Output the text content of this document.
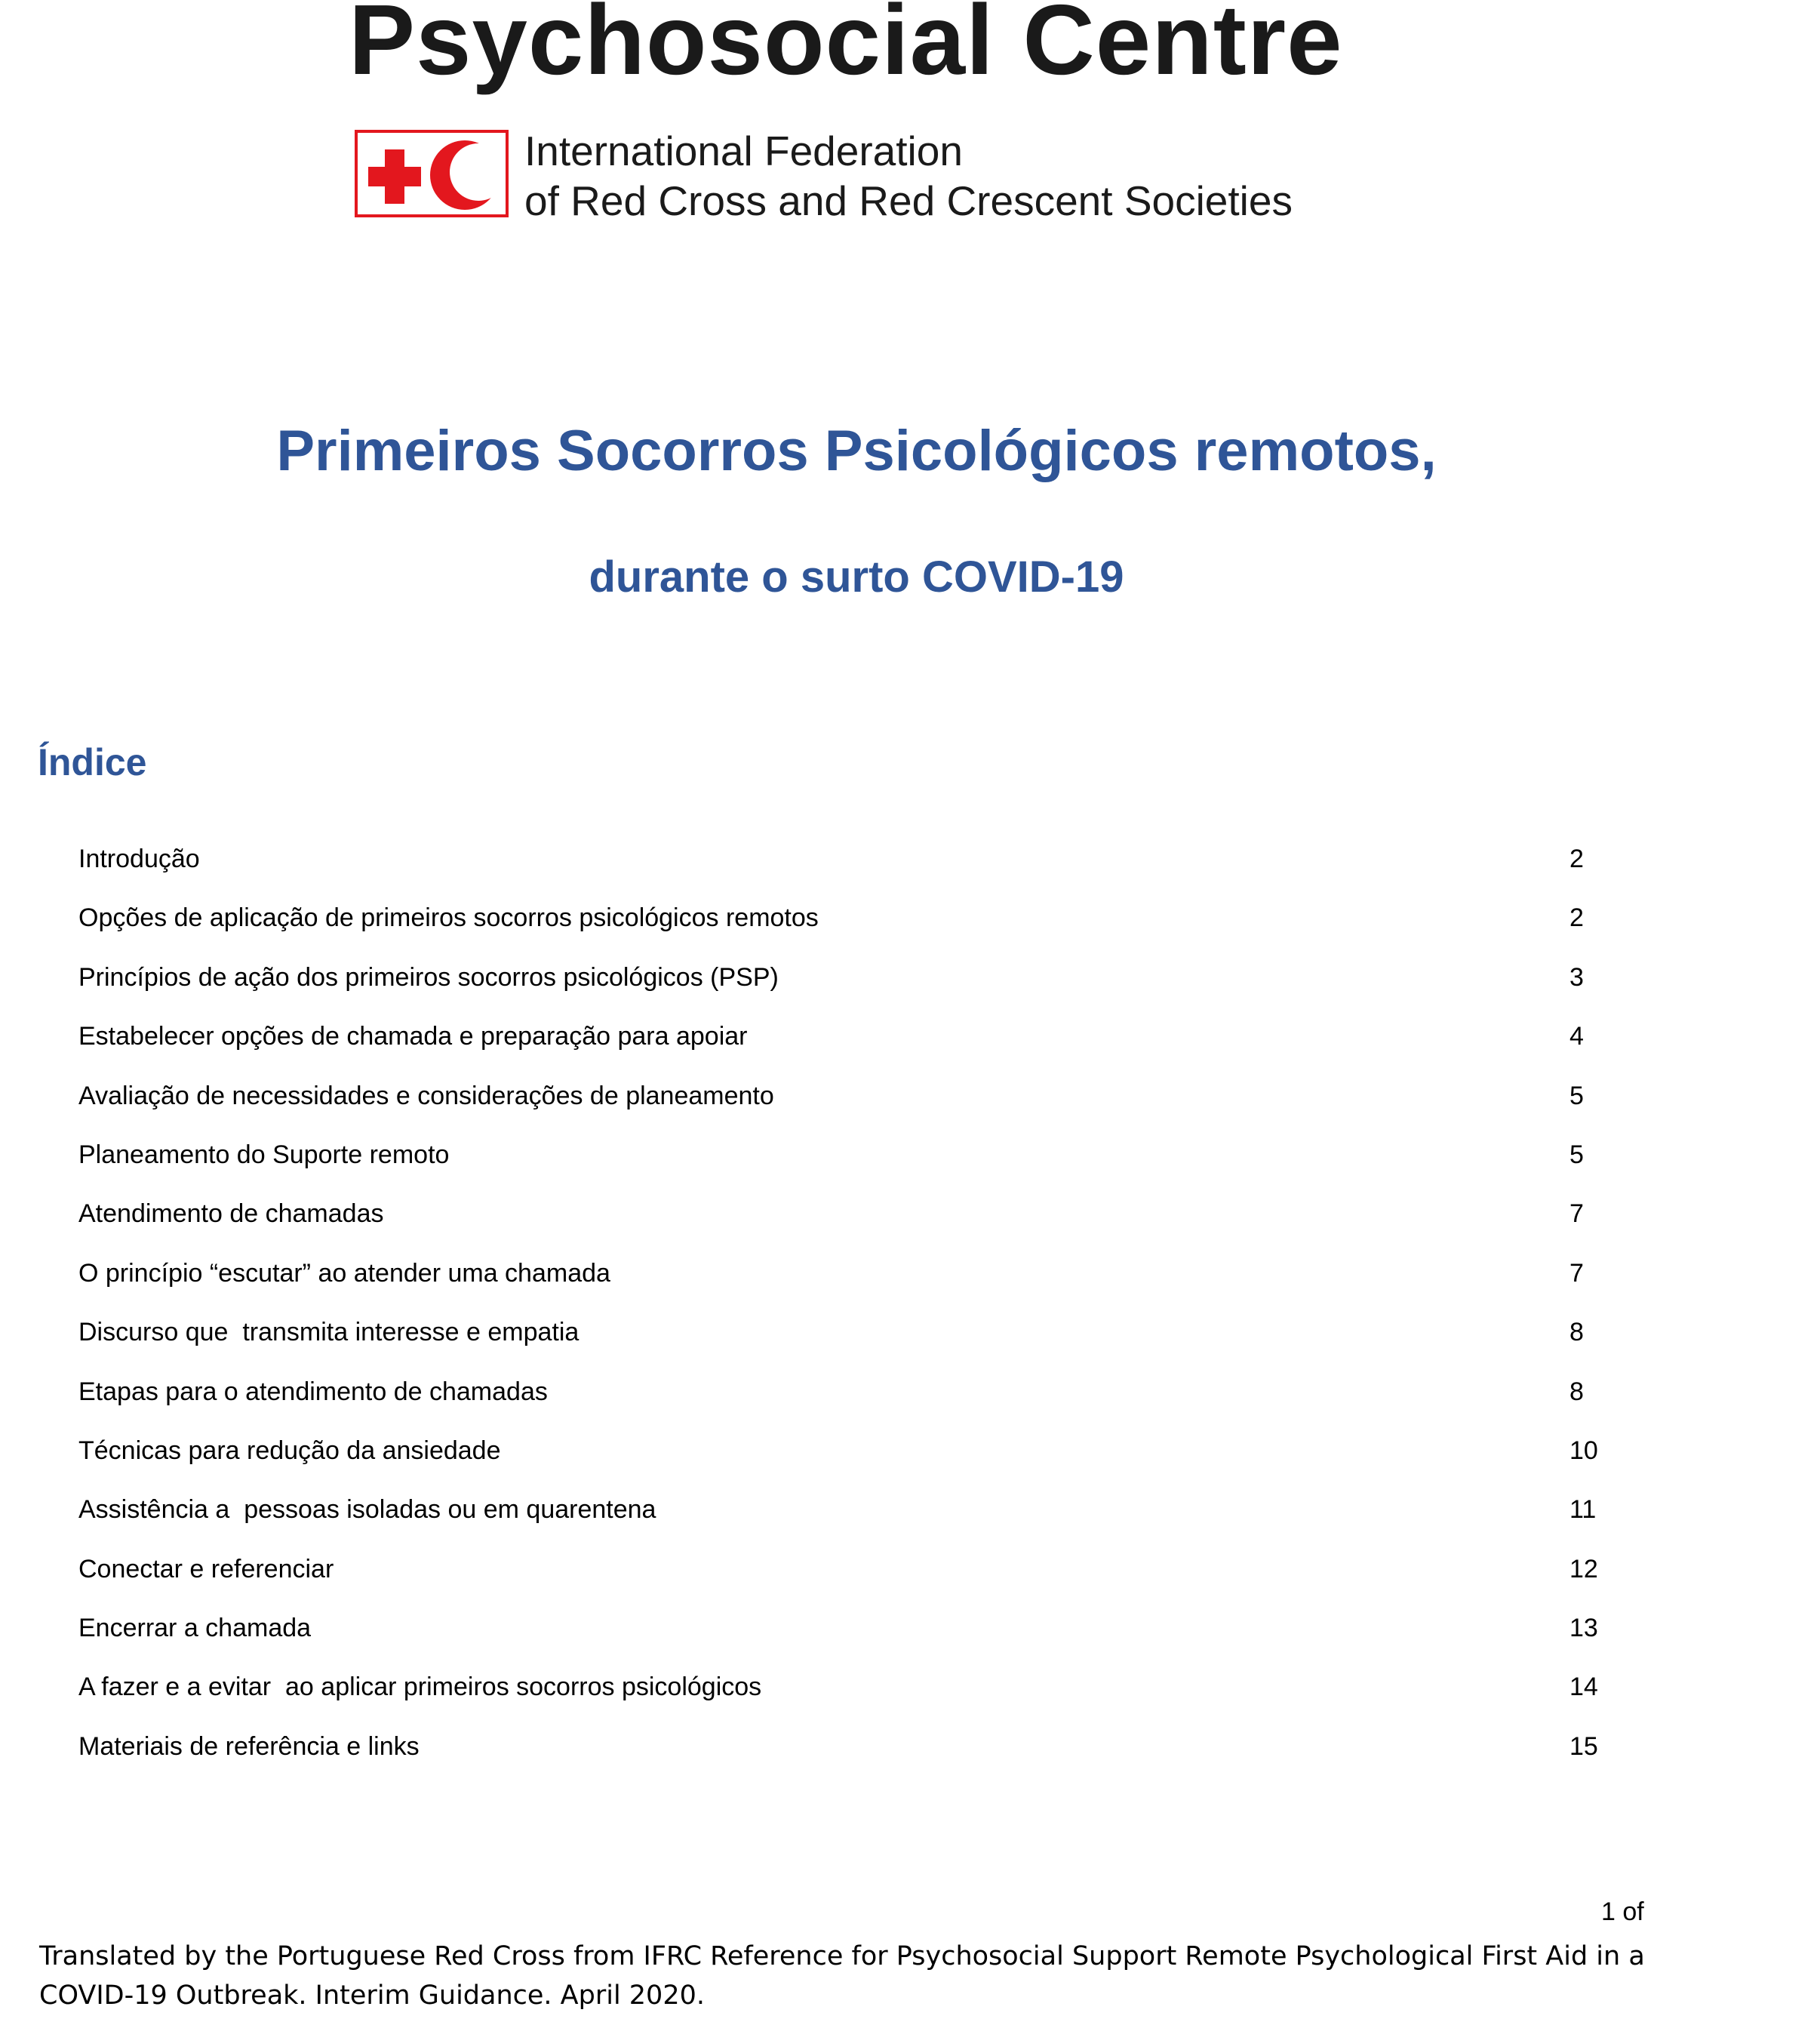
Psychosocial Centre
International Federation
of Red Cross and Red Crescent Societies
Primeiros Socorros Psicológicos remotos,
durante o surto COVID-19
Índice
Introdução	2
Opções de aplicação de primeiros socorros psicológicos remotos	2
Princípios de ação dos primeiros socorros psicológicos (PSP)	3
Estabelecer opções de chamada e preparação para apoiar	4
Avaliação de necessidades e considerações de planeamento	5
Planeamento do Suporte remoto	5
Atendimento de chamadas	7
O princípio “escutar” ao atender uma chamada	7
Discurso que  transmita interesse e empatia	8
Etapas para o atendimento de chamadas	8
Técnicas para redução da ansiedade	10
Assistência a  pessoas isoladas ou em quarentena	11
Conectar e referenciar	12
Encerrar a chamada	13
A fazer e a evitar  ao aplicar primeiros socorros psicológicos	14
Materiais de referência e links	15
1 of
Translated by the Portuguese Red Cross from IFRC Reference for Psychosocial Support Remote Psychological First Aid in a
COVID-19 Outbreak. Interim Guidance. April 2020.
